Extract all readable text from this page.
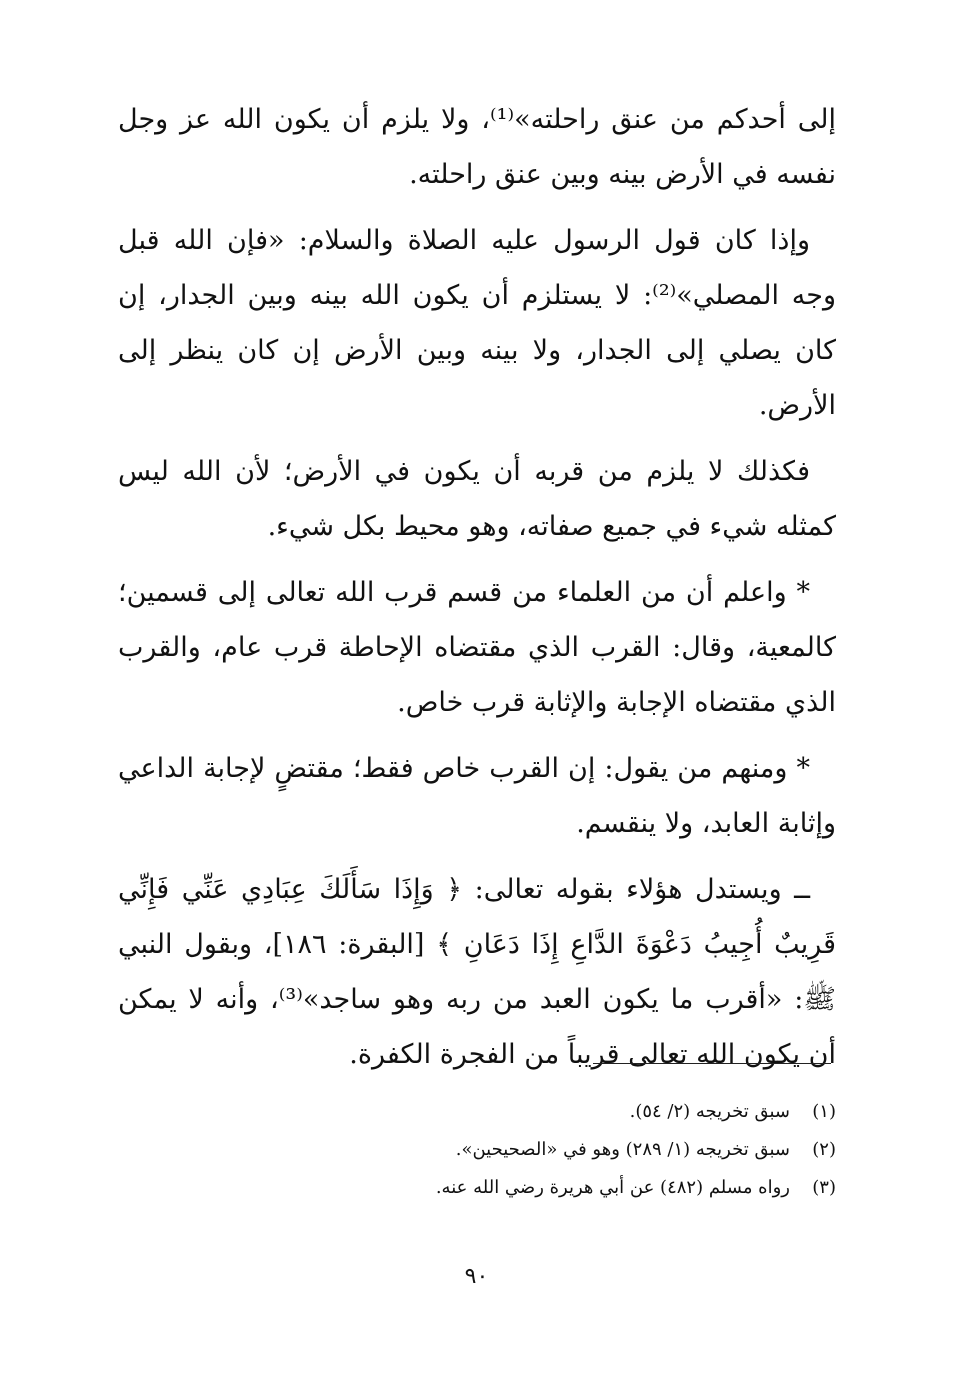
إلى أحدكم من عنق راحلته»⁽¹⁾، ولا يلزم أن يكون الله عز وجل نفسه في الأرض بينه وبين عنق راحلته.

وإذا كان قول الرسول عليه الصلاة والسلام: «فإن الله قبل وجه المصلي»⁽²⁾: لا يستلزم أن يكون الله بينه وبين الجدار، إن كان يصلي إلى الجدار، ولا بينه وبين الأرض إن كان ينظر إلى الأرض.

فكذلك لا يلزم من قربه أن يكون في الأرض؛ لأن الله ليس كمثله شيء في جميع صفاته، وهو محيط بكل شيء.

* واعلم أن من العلماء من قسم قرب الله تعالى إلى قسمين؛ كالمعية، وقال: القرب الذي مقتضاه الإحاطة قرب عام، والقرب الذي مقتضاه الإجابة والإثابة قرب خاص.

* ومنهم من يقول: إن القرب خاص فقط؛ مقتضٍ لإجابة الداعي وإثابة العابد، ولا ينقسم.

ــ ويستدل هؤلاء بقوله تعالى: ﴿ وَإِذَا سَأَلَكَ عِبَادِي عَنِّي فَإِنِّي قَرِيبٌ أُجِيبُ دَعْوَةَ الدَّاعِ إِذَا دَعَانِ ﴾ [البقرة: ١٨٦]، وبقول النبي ﷺ: «أقرب ما يكون العبد من ربه وهو ساجد»⁽³⁾، وأنه لا يمكن أن يكون الله تعالى قريباً من الفجرة الكفرة.

(١)سبق تخريجه (٢/ ٥٤).
(٢)سبق تخريجه (١/ ٢٨٩) وهو في «الصحيحين».
(٣)رواه مسلم (٤٨٢) عن أبي هريرة رضي الله عنه.
٩٠
